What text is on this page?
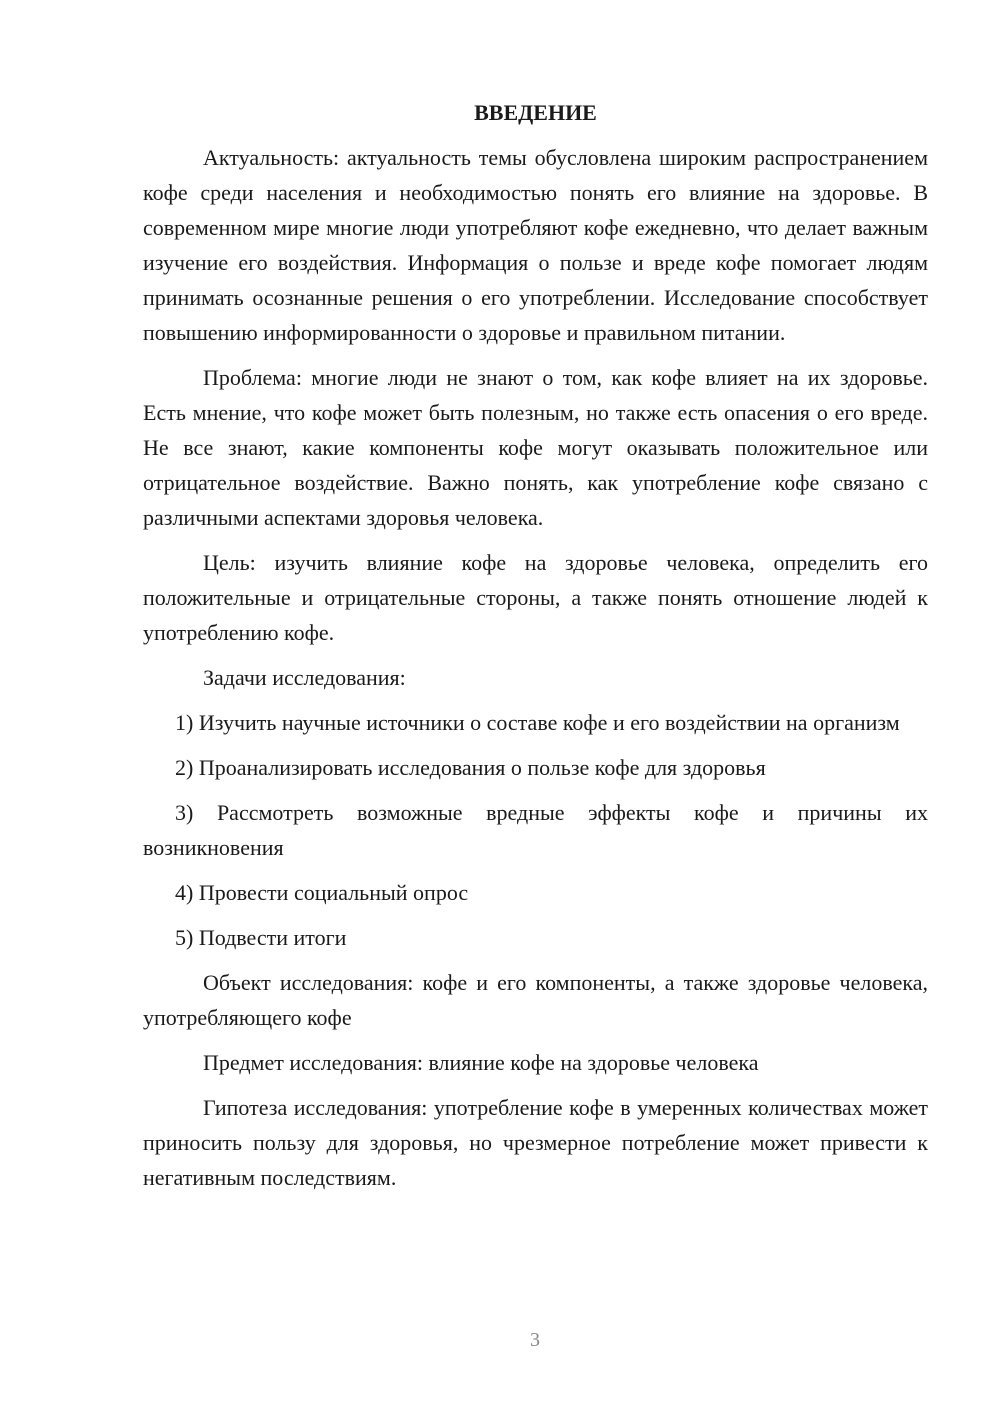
ВВЕДЕНИЕ

Актуальность: актуальность темы обусловлена широким распространением кофе среди населения и необходимостью понять его влияние на здоровье. В современном мире многие люди употребляют кофе ежедневно, что делает важным изучение его воздействия. Информация о пользе и вреде кофе помогает людям принимать осознанные решения о его употреблении. Исследование способствует повышению информированности о здоровье и правильном питании.

Проблема: многие люди не знают о том, как кофе влияет на их здоровье. Есть мнение, что кофе может быть полезным, но также есть опасения о его вреде. Не все знают, какие компоненты кофе могут оказывать положительное или отрицательное воздействие. Важно понять, как употребление кофе связано с различными аспектами здоровья человека.

Цель: изучить влияние кофе на здоровье человека, определить его положительные и отрицательные стороны, а также понять отношение людей к употреблению кофе.

Задачи исследования:

1) Изучить научные источники о составе кофе и его воздействии на организм

2) Проанализировать исследования о пользе кофе для здоровья

3) Рассмотреть возможные вредные эффекты кофе и причины их возникновения

4) Провести социальный опрос

5) Подвести итоги

Объект исследования: кофе и его компоненты, а также здоровье человека, употребляющего кофе

Предмет исследования: влияние кофе на здоровье человека

Гипотеза исследования: употребление кофе в умеренных количествах может приносить пользу для здоровья, но чрезмерное потребление может привести к негативным последствиям.

3
